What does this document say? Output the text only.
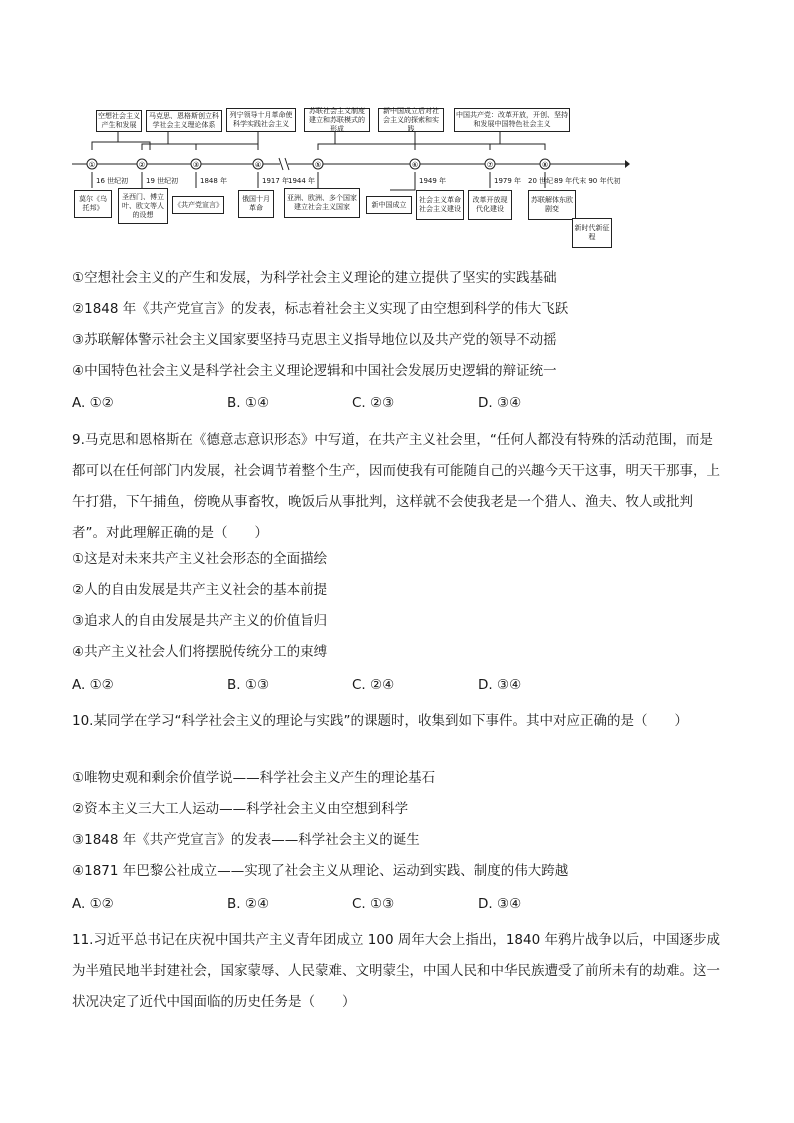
①	②	③	④	⑤	⑥	⑦	⑧
空想社会主义产生和发展
马克思、恩格斯创立科学社会主义理论体系
列宁领导十月革命使科学实践社会主义
苏联社会主义制度建立和苏联模式的形成
新中国成立后对社会主义的探索和实践
中国共产党：改革开放，开创、坚持和发展中国特色社会主义
16 世纪初	19 世纪初	1848 年	1917 年
1944 年	1949 年	1979 年 20 世纪 89 年代末 90 年代初
莫尔《乌托邦》
圣西门、傅立叶、欧文等人的设想
《共产党宣言》
俄国十月革命
亚洲、欧洲、多个国家建立社会主义国家	新中国成立
社会主义革命社会主义建设
改革开放现代化建设
苏联解体东欧剧变
新时代新征程
①空想社会主义的产生和发展，为科学社会主义理论的建立提供了坚实的实践基础
②1848 年《共产党宣言》的发表，标志着社会主义实现了由空想到科学的伟大飞跃
③苏联解体警示社会主义国家要坚持马克思主义指导地位以及共产党的领导不动摇
④中国特色社会主义是科学社会主义理论逻辑和中国社会发展历史逻辑的辩证统一
A. ①②	B. ①④	C. ②③	D. ③④
9.马克思和恩格斯在《德意志意识形态》中写道，在共产主义社会里，“任何人都没有特殊的活动范围，而是都可以在任何部门内发展，社会调节着整个生产，因而使我有可能随自己的兴趣今天干这事，明天干那事，上午打猎，下午捕鱼，傍晚从事畜牧，晚饭后从事批判，这样就不会使我老是一个猎人、渔夫、牧人或批判者”。对此理解正确的是（　　）
①这是对未来共产主义社会形态的全面描绘
②人的自由发展是共产主义社会的基本前提
③追求人的自由发展是共产主义的价值旨归
④共产主义社会人们将摆脱传统分工的束缚
A. ①②	B. ①③	C. ②④	D. ③④
10.某同学在学习“科学社会主义的理论与实践”的课题时，收集到如下事件。其中对应正确的是（　　）
①唯物史观和剩余价值学说——科学社会主义产生的理论基石
②资本主义三大工人运动——科学社会主义由空想到科学
③1848 年《共产党宣言》的发表——科学社会主义的诞生
④1871 年巴黎公社成立——实现了社会主义从理论、运动到实践、制度的伟大跨越
A. ①②	B. ②④	C. ①③	D. ③④
11.习近平总书记在庆祝中国共产主义青年团成立 100 周年大会上指出，1840 年鸦片战争以后，中国逐步成为半殖民地半封建社会，国家蒙辱、人民蒙难、文明蒙尘，中国人民和中华民族遭受了前所未有的劫难。这一状况决定了近代中国面临的历史任务是（　　）
